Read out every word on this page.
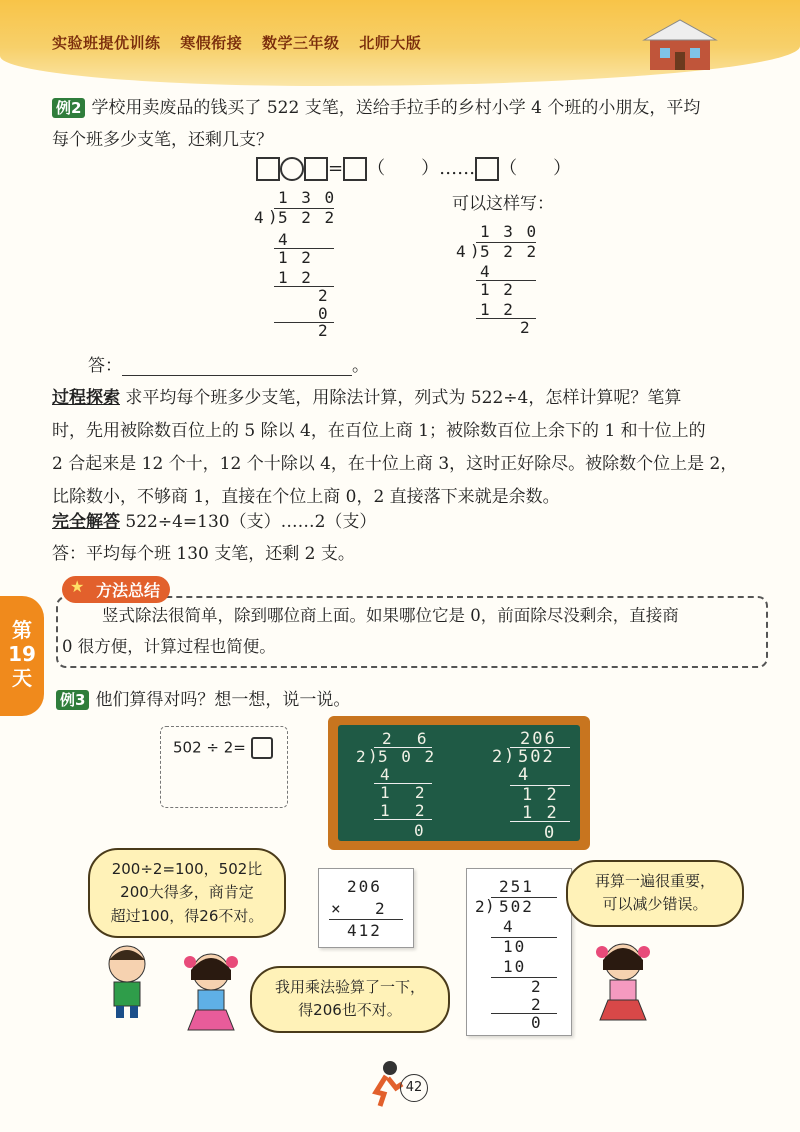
实验班提优训练 寒假衔接 数学三年级 北师大版
例2 学校用卖废品的钱买了 522 支笔，送给手拉手的乡村小学 4 个班的小朋友，平均
每个班多少支笔，还剩几支？
= （　　）…… （　　）
1 3 0
4 )
5 2 2
4
1 2
1 2
2
0
2
可以这样写：
1 3 0
4 )
5 2 2
4
1 2
1 2
2
答：	。
过程探索 求平均每个班多少支笔，用除法计算，列式为 522÷4，怎样计算呢？笔算
时，先用被除数百位上的 5 除以 4，在百位上商 1；被除数百位上余下的 1 和十位上的
2 合起来是 12 个十，12 个十除以 4，在十位上商 3，这时正好除尽。被除数个位上是 2，
比除数小，不够商 1，直接在个位上商 0，2 直接落下来就是余数。
完全解答 522÷4=130（支）……2（支）
答：平均每个班 130 支笔，还剩 2 支。
第
19
天
★ 方法总结
竖式除法很简单，除到哪位商上面。如果哪位它是 0，前面除尽没剩余，直接商
0 很方便，计算过程也简便。
例3 他们算得对吗？想一想，说一说。
502 ÷ 2=	2  6
2 )
5 0 2
4
1  2
1  2
0
206
2 ) 502
4
1 2
1 2
0
200÷2=100，502比
200大得多，商肯定
超过100，得26不对。
206
× 2
412
我用乘法验算了一下，
得206也不对。
251
2
) 502
4
10
10
2
2
0
再算一遍很重要，
可以减少错误。
42
